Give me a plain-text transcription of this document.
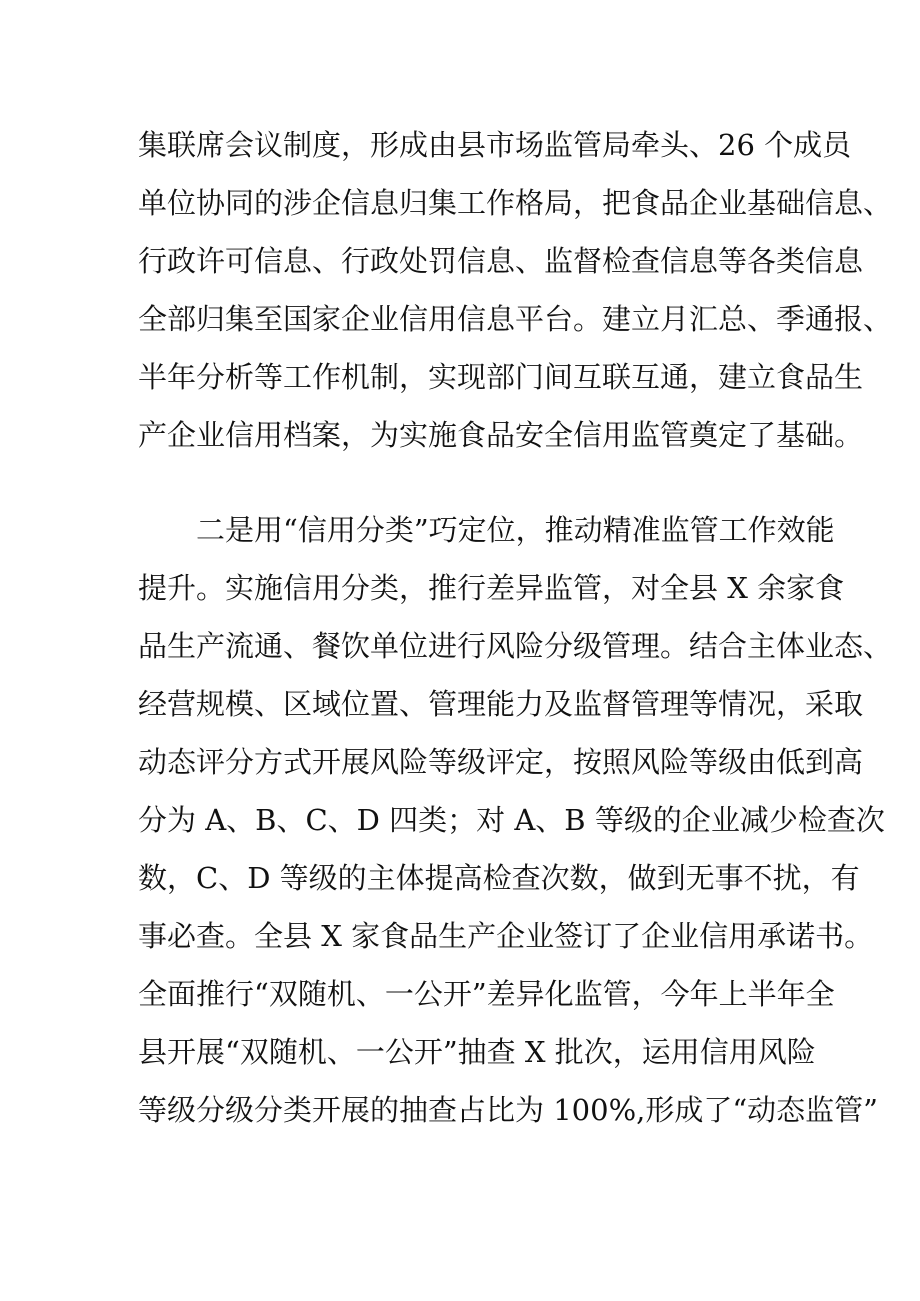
集联席会议制度，形成由县市场监管局牵头、26 个成员
单位协同的涉企信息归集工作格局，把食品企业基础信息、
行政许可信息、行政处罚信息、监督检查信息等各类信息
全部归集至国家企业信用信息平台。建立月汇总、季通报、
半年分析等工作机制，实现部门间互联互通，建立食品生
产企业信用档案，为实施食品安全信用监管奠定了基础。
二是用“信用分类”巧定位，推动精准监管工作效能
提升。实施信用分类，推行差异监管，对全县 X 余家食
品生产流通、餐饮单位进行风险分级管理。结合主体业态、
经营规模、区域位置、管理能力及监督管理等情况，采取
动态评分方式开展风险等级评定，按照风险等级由低到高
分为 A、B、C、D 四类；对 A、B 等级的企业减少检查次
数，C、D 等级的主体提高检查次数，做到无事不扰，有
事必查。全县 X 家食品生产企业签订了企业信用承诺书。
全面推行“双随机、一公开”差异化监管，今年上半年全
县开展“双随机、一公开”抽查 X 批次，运用信用风险
等级分级分类开展的抽查占比为 100%,形成了“动态监管”
